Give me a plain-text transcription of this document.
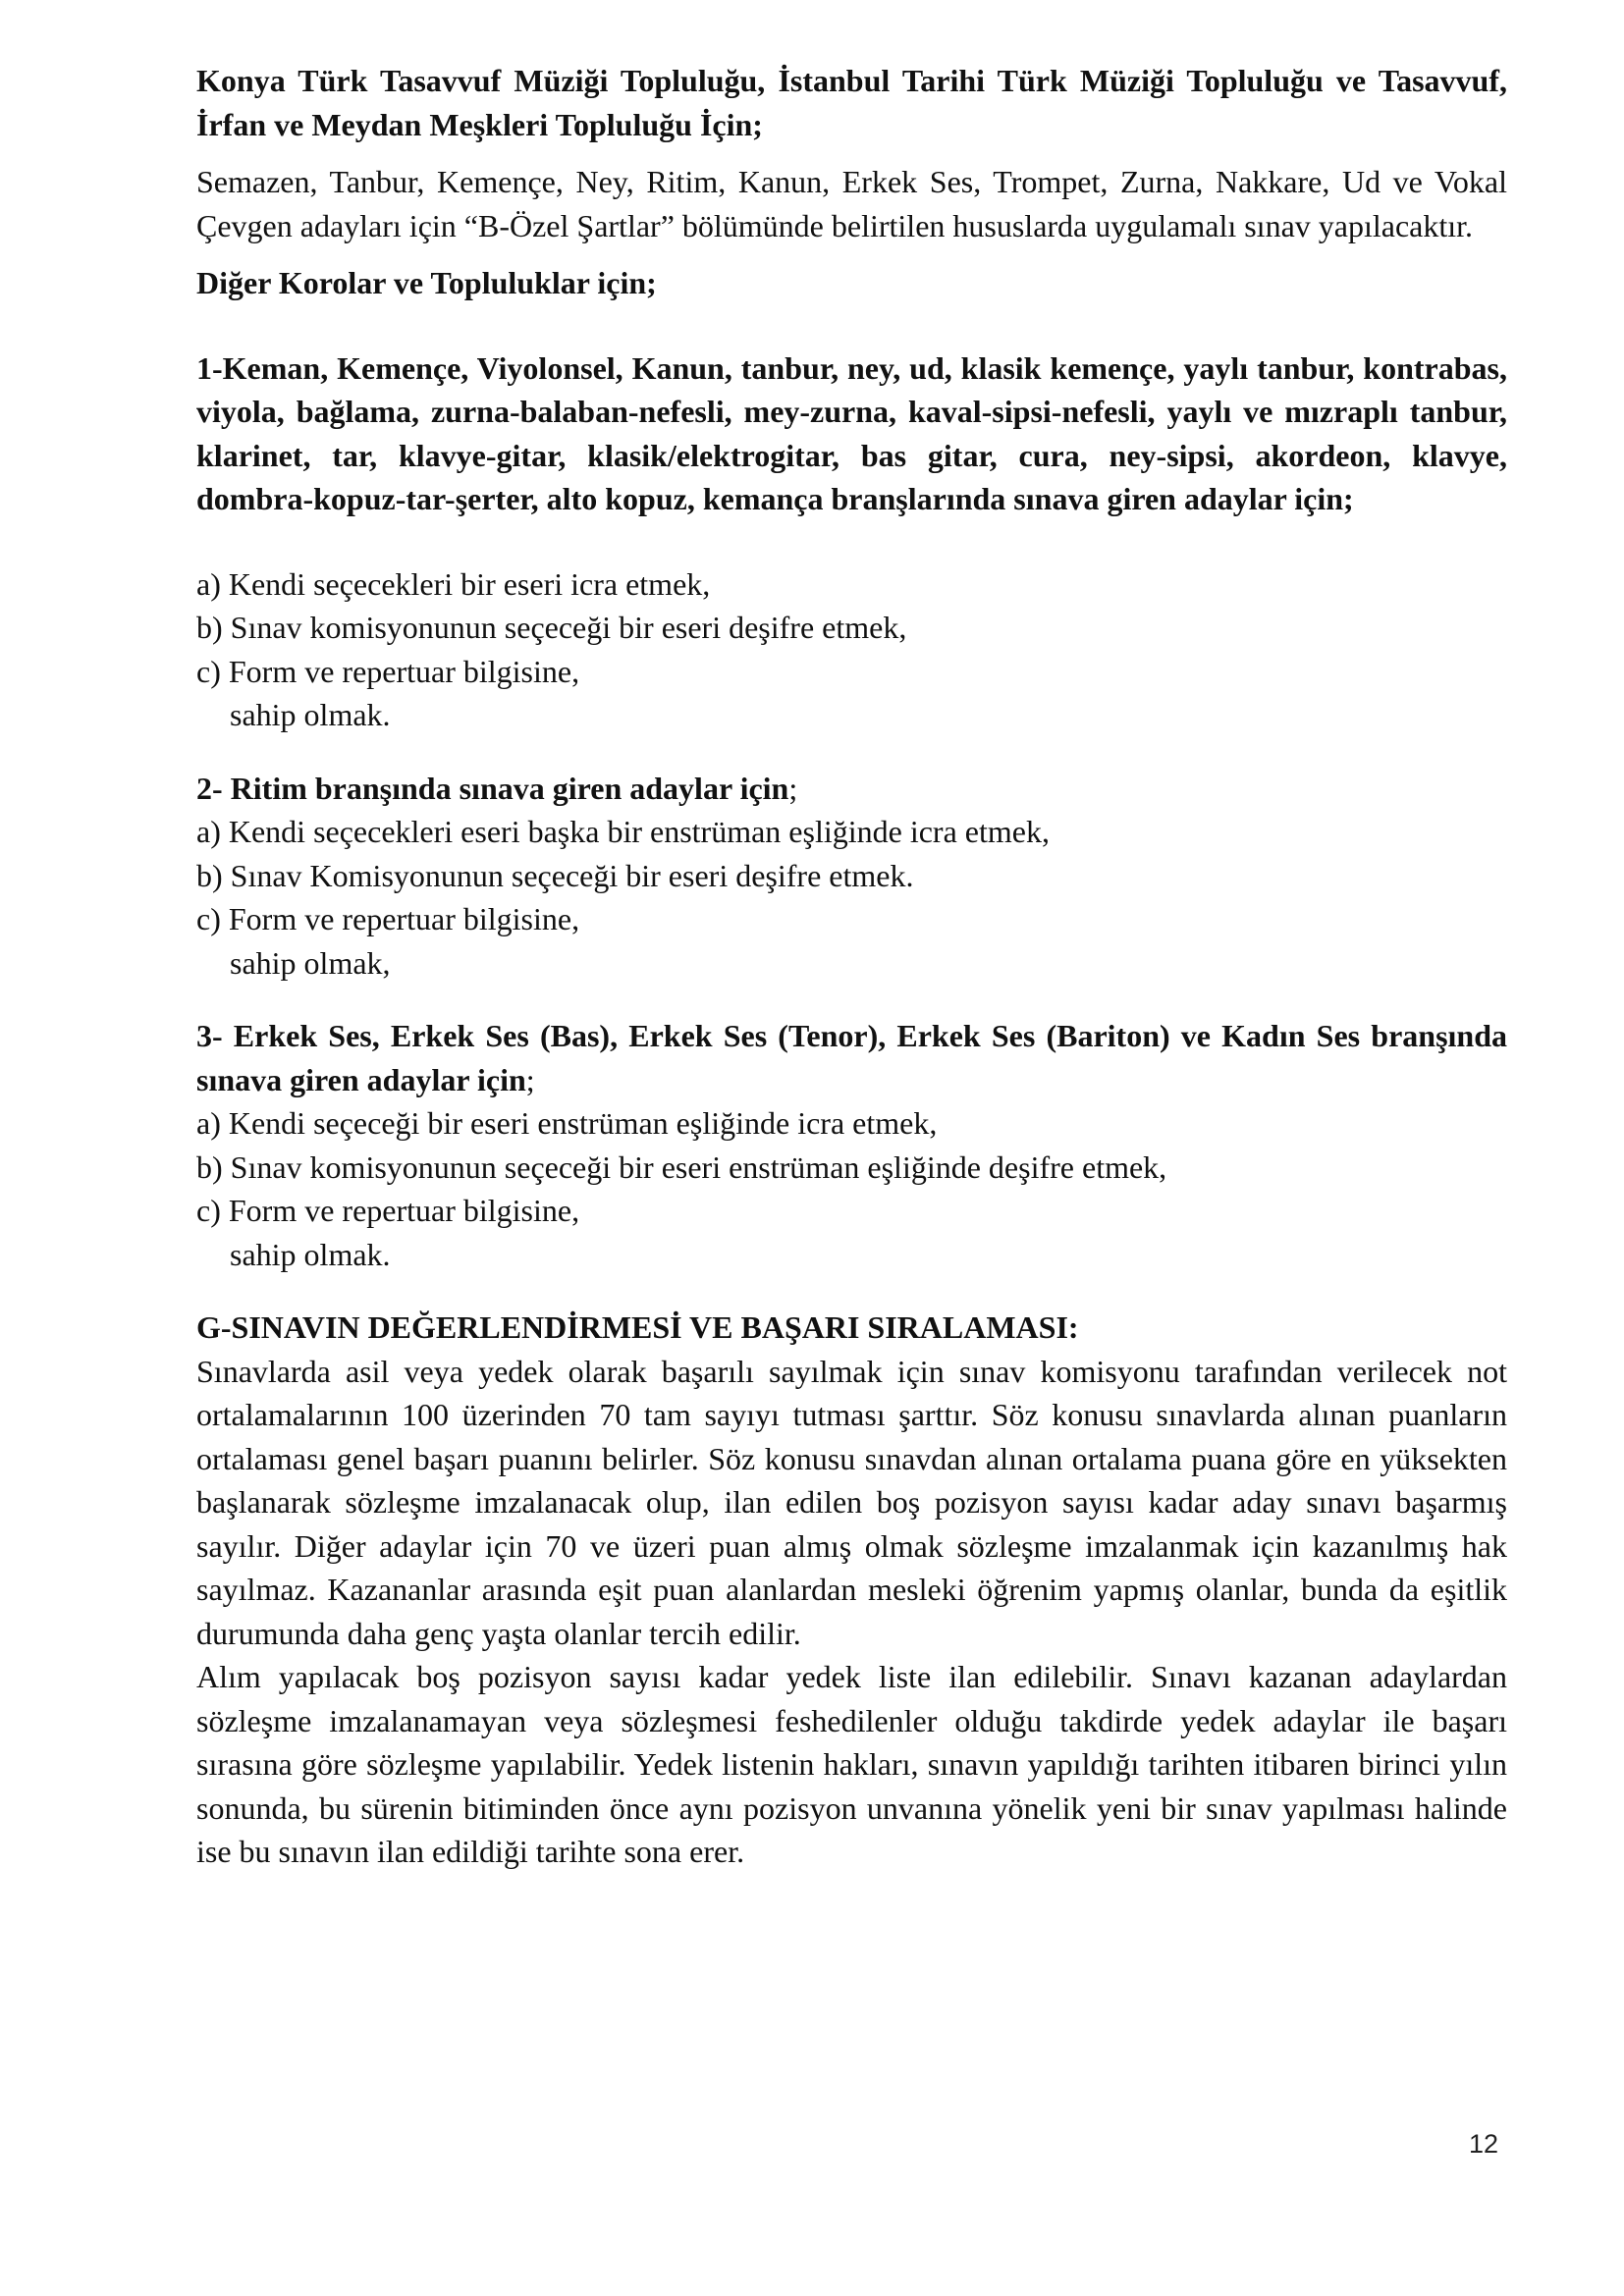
Konya Türk Tasavvuf Müziği Topluluğu, İstanbul Tarihi Türk Müziği Topluluğu ve Tasavvuf, İrfan ve Meydan Meşkleri Topluluğu İçin;

Semazen, Tanbur, Kemençe, Ney, Ritim, Kanun, Erkek Ses, Trompet, Zurna, Nakkare, Ud ve Vokal Çevgen adayları için “B-Özel Şartlar” bölümünde belirtilen hususlarda uygulamalı sınav yapılacaktır.

Diğer Korolar ve Topluluklar için;

1-Keman, Kemençe, Viyolonsel, Kanun, tanbur, ney, ud, klasik kemençe, yaylı tanbur, kontrabas, viyola, bağlama, zurna-balaban-nefesli, mey-zurna, kaval-sipsi-nefesli, yaylı ve mızraplı tanbur, klarinet, tar, klavye-gitar, klasik/elektrogitar, bas gitar, cura, ney-sipsi, akordeon, klavye, dombra-kopuz-tar-şerter, alto kopuz, kemança branşlarında sınava giren adaylar için;

a) Kendi seçecekleri bir eseri icra etmek,

b) Sınav komisyonunun seçeceği bir eseri deşifre etmek,

c) Form ve repertuar bilgisine,

sahip olmak.

2- Ritim branşında sınava giren adaylar için;

a) Kendi seçecekleri eseri başka bir enstrüman eşliğinde icra etmek,

b) Sınav Komisyonunun seçeceği bir eseri deşifre etmek.

c) Form ve repertuar bilgisine,

sahip olmak,

3- Erkek Ses, Erkek Ses (Bas), Erkek Ses (Tenor), Erkek Ses (Bariton) ve Kadın Ses branşında sınava giren adaylar için;

a) Kendi seçeceği bir eseri enstrüman eşliğinde icra etmek,

b) Sınav komisyonunun seçeceği bir eseri enstrüman eşliğinde deşifre etmek,

c) Form ve repertuar bilgisine,

sahip olmak.

G-SINAVIN DEĞERLENDİRMESİ VE BAŞARI SIRALAMASI:

Sınavlarda asil veya yedek olarak başarılı sayılmak için sınav komisyonu tarafından verilecek not ortalamalarının 100 üzerinden 70 tam sayıyı tutması şarttır. Söz konusu sınavlarda alınan puanların ortalaması genel başarı puanını belirler. Söz konusu sınavdan alınan ortalama puana göre en yüksekten başlanarak sözleşme imzalanacak olup, ilan edilen boş pozisyon sayısı kadar aday sınavı başarmış sayılır. Diğer adaylar için 70 ve üzeri puan almış olmak sözleşme imzalanmak için kazanılmış hak sayılmaz. Kazananlar arasında eşit puan alanlardan mesleki öğrenim yapmış olanlar, bunda da eşitlik durumunda daha genç yaşta olanlar tercih edilir.

Alım yapılacak boş pozisyon sayısı kadar yedek liste ilan edilebilir. Sınavı kazanan adaylardan sözleşme imzalanamayan veya sözleşmesi feshedilenler olduğu takdirde yedek adaylar ile başarı sırasına göre sözleşme yapılabilir. Yedek listenin hakları, sınavın yapıldığı tarihten itibaren birinci yılın sonunda, bu sürenin bitiminden önce aynı pozisyon unvanına yönelik yeni bir sınav yapılması halinde ise bu sınavın ilan edildiği tarihte sona erer.

12
